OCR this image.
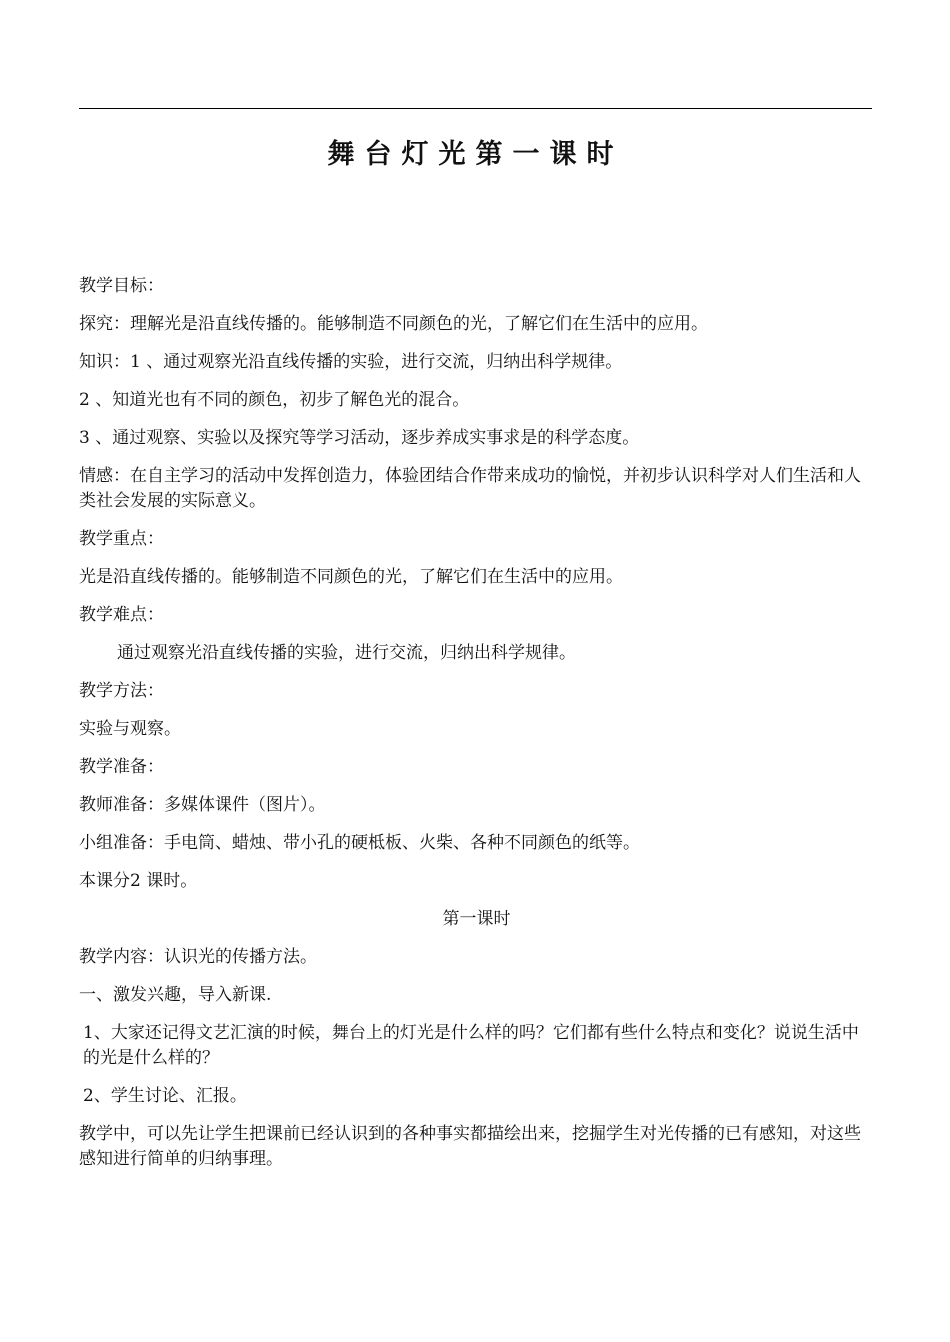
舞台灯光第一课时

教学目标：

探究：理解光是沿直线传播的。能够制造不同颜色的光，了解它们在生活中的应用。

知识：1 、通过观察光沿直线传播的实验，进行交流，归纳出科学规律。

2 、知道光也有不同的颜色，初步了解色光的混合。

3 、通过观察、实验以及探究等学习活动，逐步养成实事求是的科学态度。

情感：在自主学习的活动中发挥创造力，体验团结合作带来成功的愉悦，并初步认识科学对人们生活和人类社会发展的实际意义。

教学重点：

光是沿直线传播的。能够制造不同颜色的光，了解它们在生活中的应用。

教学难点：

通过观察光沿直线传播的实验，进行交流，归纳出科学规律。

教学方法：

实验与观察。

教学准备：

教师准备：多媒体课件（图片）。

小组准备：手电筒、蜡烛、带小孔的硬柢板、火柴、各种不同颜色的纸等。

本课分2 课时。

第一课时

教学内容：认识光的传播方法。

一、激发兴趣，导入新课.

1、大家还记得文艺汇演的时候，舞台上的灯光是什么样的吗？它们都有些什么特点和变化？说说生活中的光是什么样的？

2、学生讨论、汇报。

教学中，可以先让学生把课前已经认识到的各种事实都描绘出来，挖掘学生对光传播的已有感知，对这些感知进行简单的归纳事理。
